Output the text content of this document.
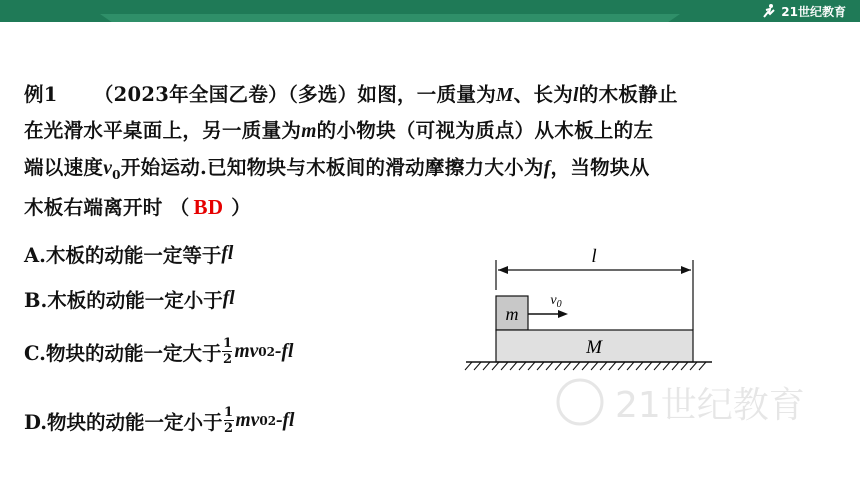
21世纪教育
例1 （2023年全国乙卷）（多选）如图，一质量为M、长为l的木板静止
在光滑水平桌面上，另一质量为m的小物块（可视为质点）从木板上的左
端以速度$v_0$开始运动.已知物块与木板间的滑动摩擦力大小为f，当物块从
木板右端离开时 （ BD ）
A.木板的动能一定等于 fl
B.木板的动能一定小于 fl
C.物块的动能一定大于 $\frac{1}{2}$ mv 0 2 -fl
D.物块的动能一定小于 $\frac{1}{2}$ mv 0 2 -fl
l
m
$v_0$
M
21世纪教育
